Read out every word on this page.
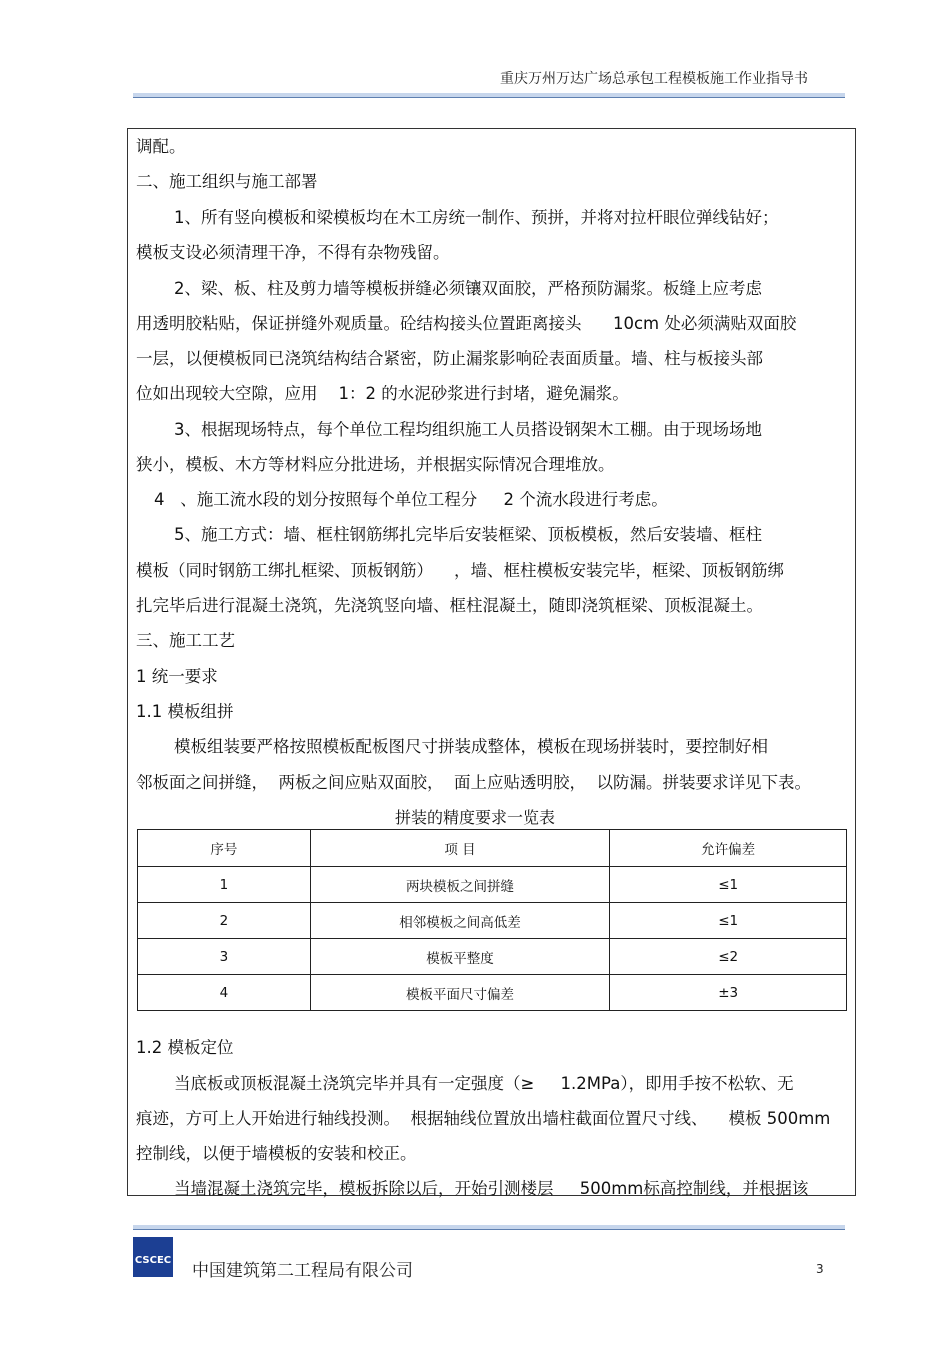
重庆万州万达广场总承包工程模板施工作业指导书
调配。
二、施工组织与施工部署
1、所有竖向模板和梁模板均在木工房统一制作、预拼，并将对拉杆眼位弹线钻好；
模板支设必须清理干净，不得有杂物残留。
2、梁、板、柱及剪力墙等模板拼缝必须镶双面胶，严格预防漏浆。板缝上应考虑
用透明胶粘贴，保证拼缝外观质量。砼结构接头位置距离接头      10cm 处必须满贴双面胶
一层，以便模板同已浇筑结构结合紧密，防止漏浆影响砼表面质量。墙、柱与板接头部
位如出现较大空隙，应用    1：2 的水泥砂浆进行封堵，避免漏浆。
3、根据现场特点，每个单位工程均组织施工人员搭设钢架木工棚。由于现场场地
狭小，模板、木方等材料应分批进场，并根据实际情况合理堆放。
4   、施工流水段的划分按照每个单位工程分     2 个流水段进行考虑。
5、施工方式：墙、框柱钢筋绑扎完毕后安装框梁、顶板模板，然后安装墙、框柱
模板（同时钢筋工绑扎框梁、顶板钢筋）    ，墙、框柱模板安装完毕，框梁、顶板钢筋绑
扎完毕后进行混凝土浇筑，先浇筑竖向墙、框柱混凝土，随即浇筑框梁、顶板混凝土。
三、施工工艺
1 统一要求
1.1 模板组拼
模板组装要严格按照模板配板图尺寸拼装成整体，模板在现场拼装时，要控制好相
邻板面之间拼缝，  两板之间应贴双面胶，  面上应贴透明胶，  以防漏。拼装要求详见下表。
1.2 模板定位
当底板或顶板混凝土浇筑完毕并具有一定强度（≥     1.2MPa），即用手按不松软、无
痕迹，方可上人开始进行轴线投测。  根据轴线位置放出墙柱截面位置尺寸线、    模板 500mm
控制线，以便于墙模板的安装和校正。
当墙混凝土浇筑完毕，模板拆除以后，开始引测楼层     500mm标高控制线，并根据该
拼装的精度要求一览表
序号	项 目	允许偏差
1	两块模板之间拼缝	≤1
2	相邻模板之间高低差	≤1
3	模板平整度	≤2
4	模板平面尺寸偏差	±3
CSCEC
中国建筑第二工程局有限公司	3
